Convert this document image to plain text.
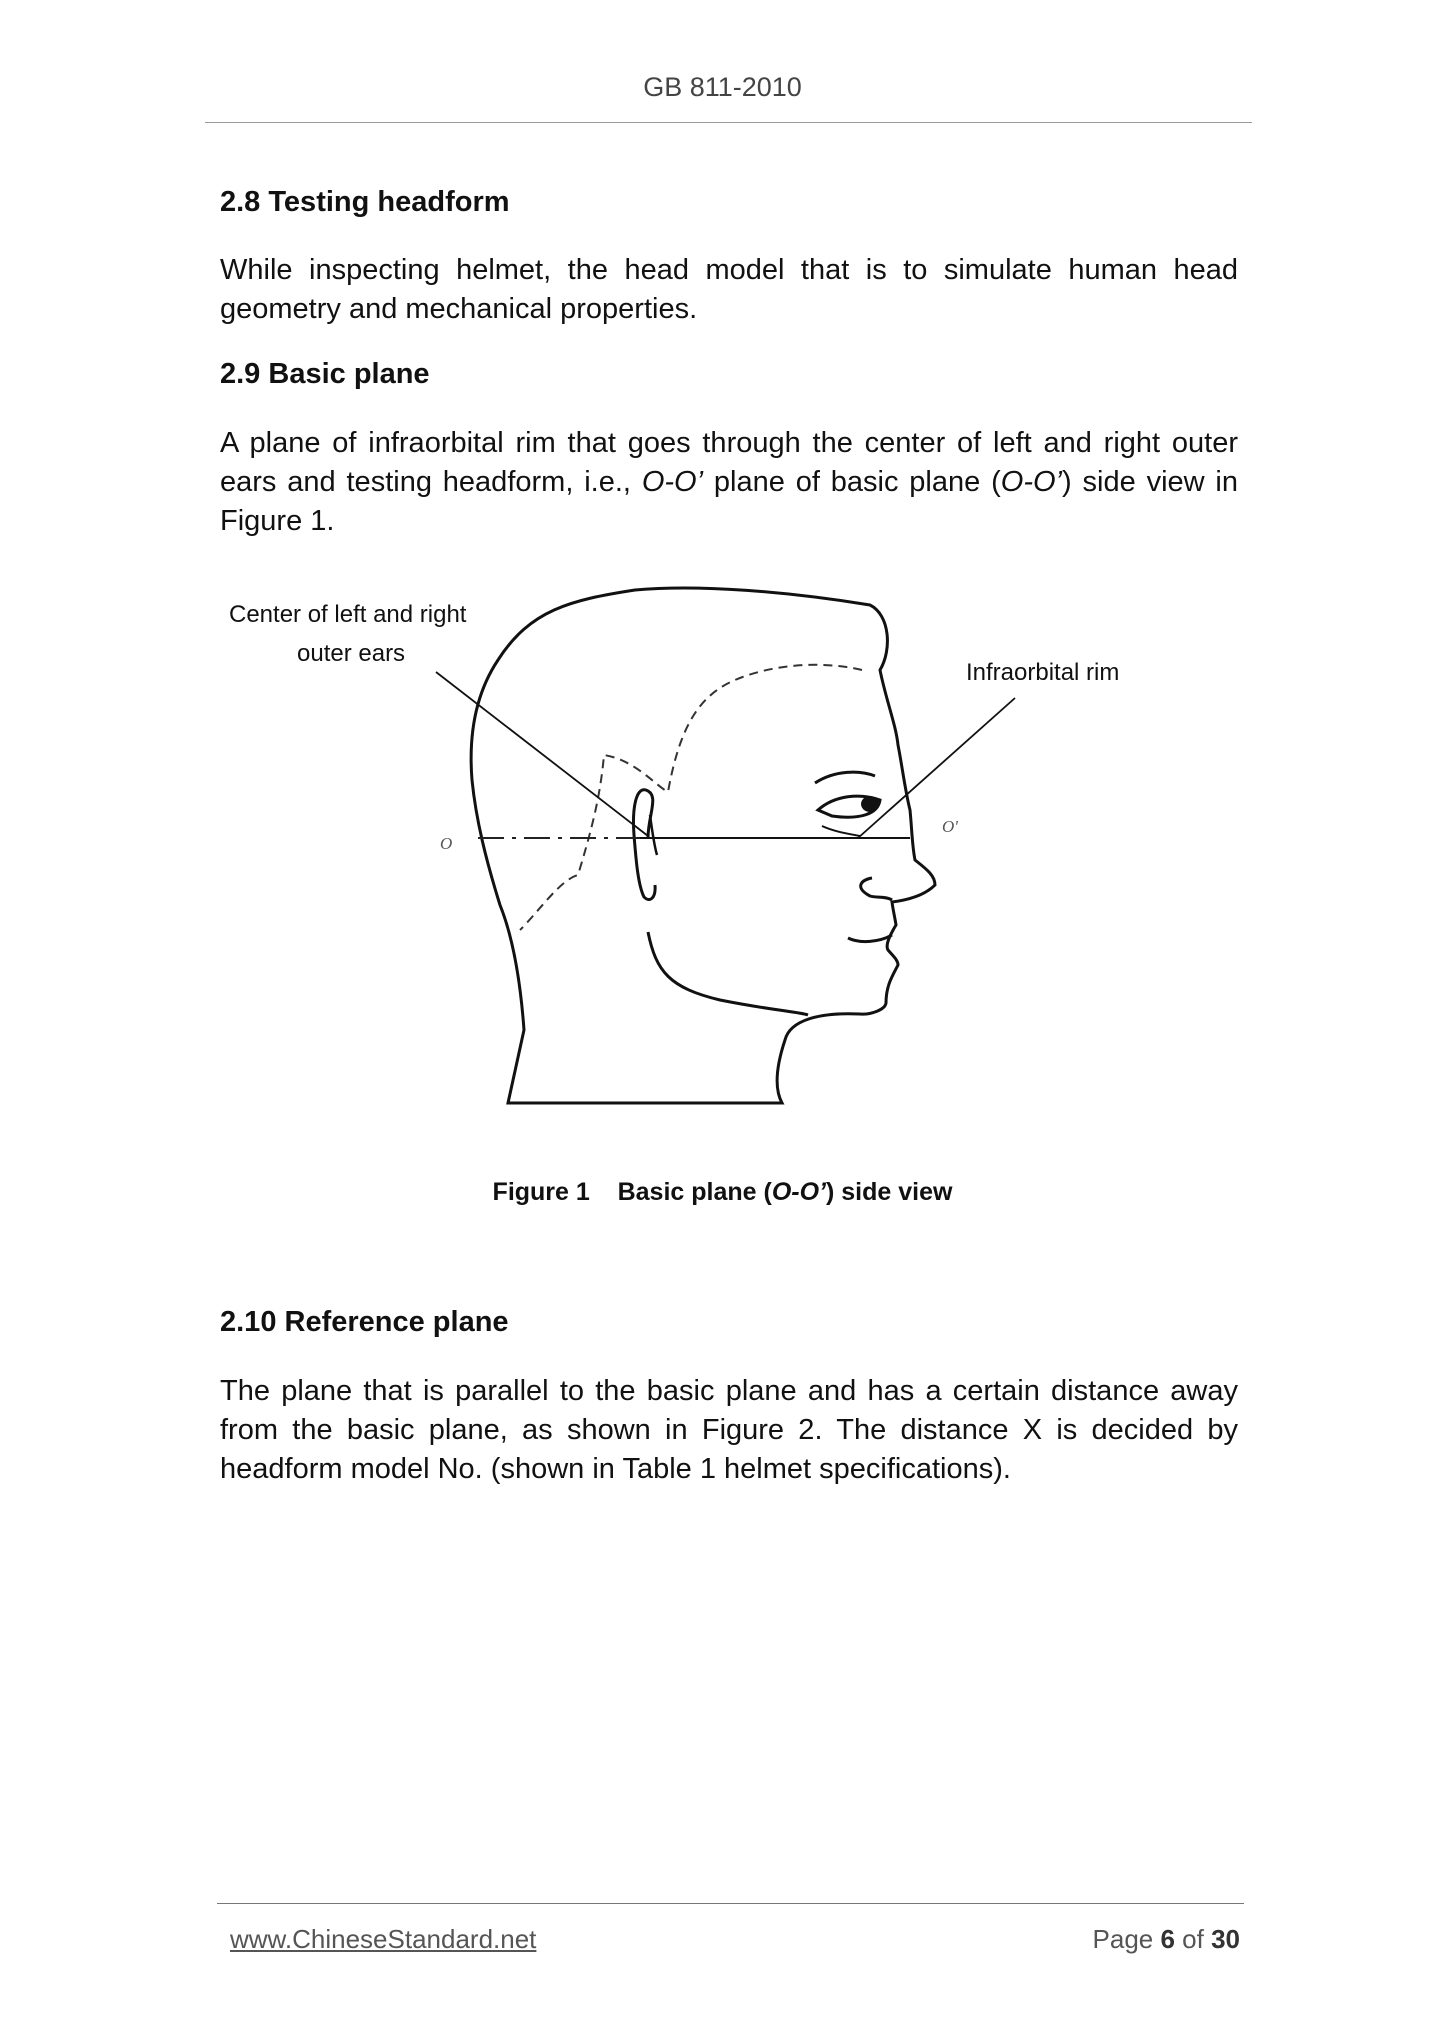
GB 811-2010
2.8 Testing headform
While inspecting helmet, the head model that is to simulate human head
geometry and mechanical properties.
2.9 Basic plane
A plane of infraorbital rim that goes through the center of left and right outer
ears and testing headform, i.e., O-O’ plane of basic plane (O-O’) side view in
Figure 1.
Center of left and right
outer ears
Infraorbital rim
O
O'
Figure 1 Basic plane (O-O’) side view
2.10 Reference plane
The plane that is parallel to the basic plane and has a certain distance away
from the basic plane, as shown in Figure 2. The distance X is decided by
headform model No. (shown in Table 1 helmet specifications).
www.ChineseStandard.net	Page 6 of 30
